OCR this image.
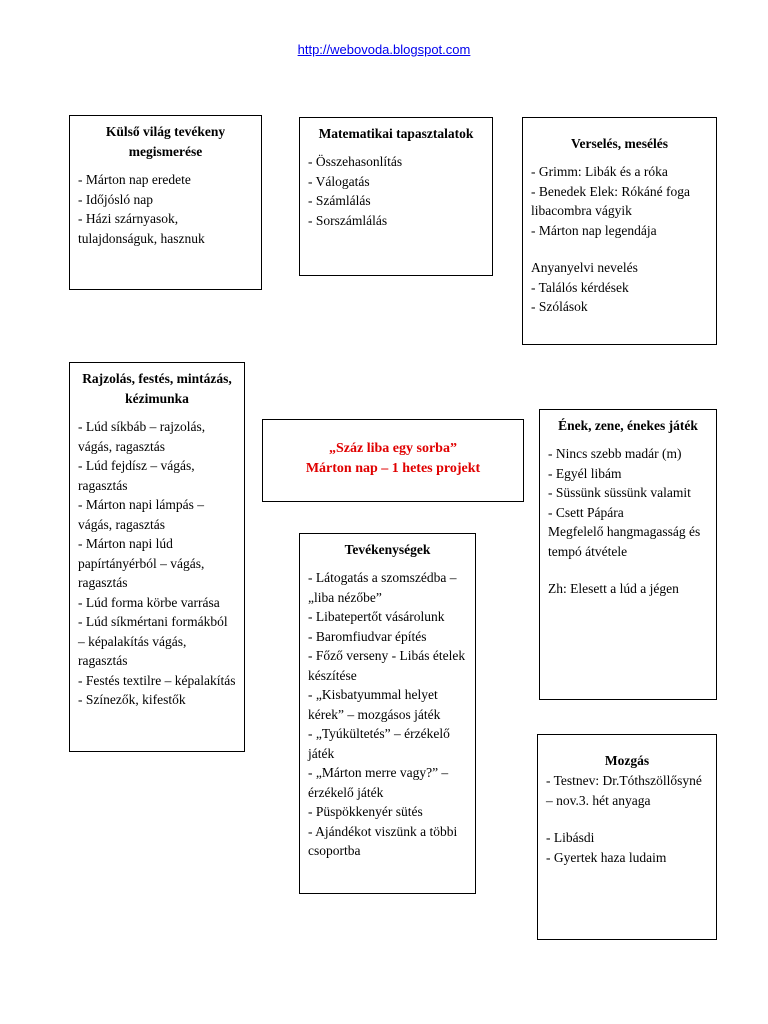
http://webovoda.blogspot.com
Külső világ tevékeny megismerése

- Márton nap eredete

- Időjósló nap

- Házi szárnyasok, tulajdonságuk, hasznuk

Matematikai tapasztalatok

- Összehasonlítás

- Válogatás

- Számlálás

- Sorszámlálás

Verselés, mesélés

- Grimm: Libák és a róka

- Benedek Elek: Rókáné foga libacombra vágyik

- Márton nap legendája

Anyanyelvi nevelés

- Találós kérdések

- Szólások

Rajzolás, festés, mintázás, kézimunka

- Lúd síkbáb – rajzolás, vágás, ragasztás

- Lúd fejdísz – vágás, ragasztás

- Márton napi lámpás – vágás, ragasztás

- Márton napi lúd papírtányérból – vágás, ragasztás

- Lúd forma körbe varrása

- Lúd síkmértani formákból – képalakítás vágás, ragasztás

- Festés textilre – képalakítás

- Színezők, kifestők

„Száz liba egy sorba”
Márton nap – 1 hetes projekt
Ének, zene, énekes játék

- Nincs szebb madár (m)

- Egyél libám

- Süssünk süssünk valamit

- Csett Pápára

Megfelelő hangmagasság és tempó átvétele

Zh: Elesett a lúd a jégen

Tevékenységek

- Látogatás a szomszédba – „liba nézőbe”

- Libatepertőt vásárolunk

- Baromfiudvar építés

- Főző verseny - Libás ételek készítése

- „Kisbatyummal helyet kérek” – mozgásos játék

- „Tyúkültetés” – érzékelő játék

- „Márton merre vagy?” – érzékelő játék

- Püspökkenyér sütés

- Ajándékot viszünk a többi csoportba

Mozgás

- Testnev: Dr.Tóthszöllősyné – nov.3. hét anyaga

- Libásdi

- Gyertek haza ludaim
